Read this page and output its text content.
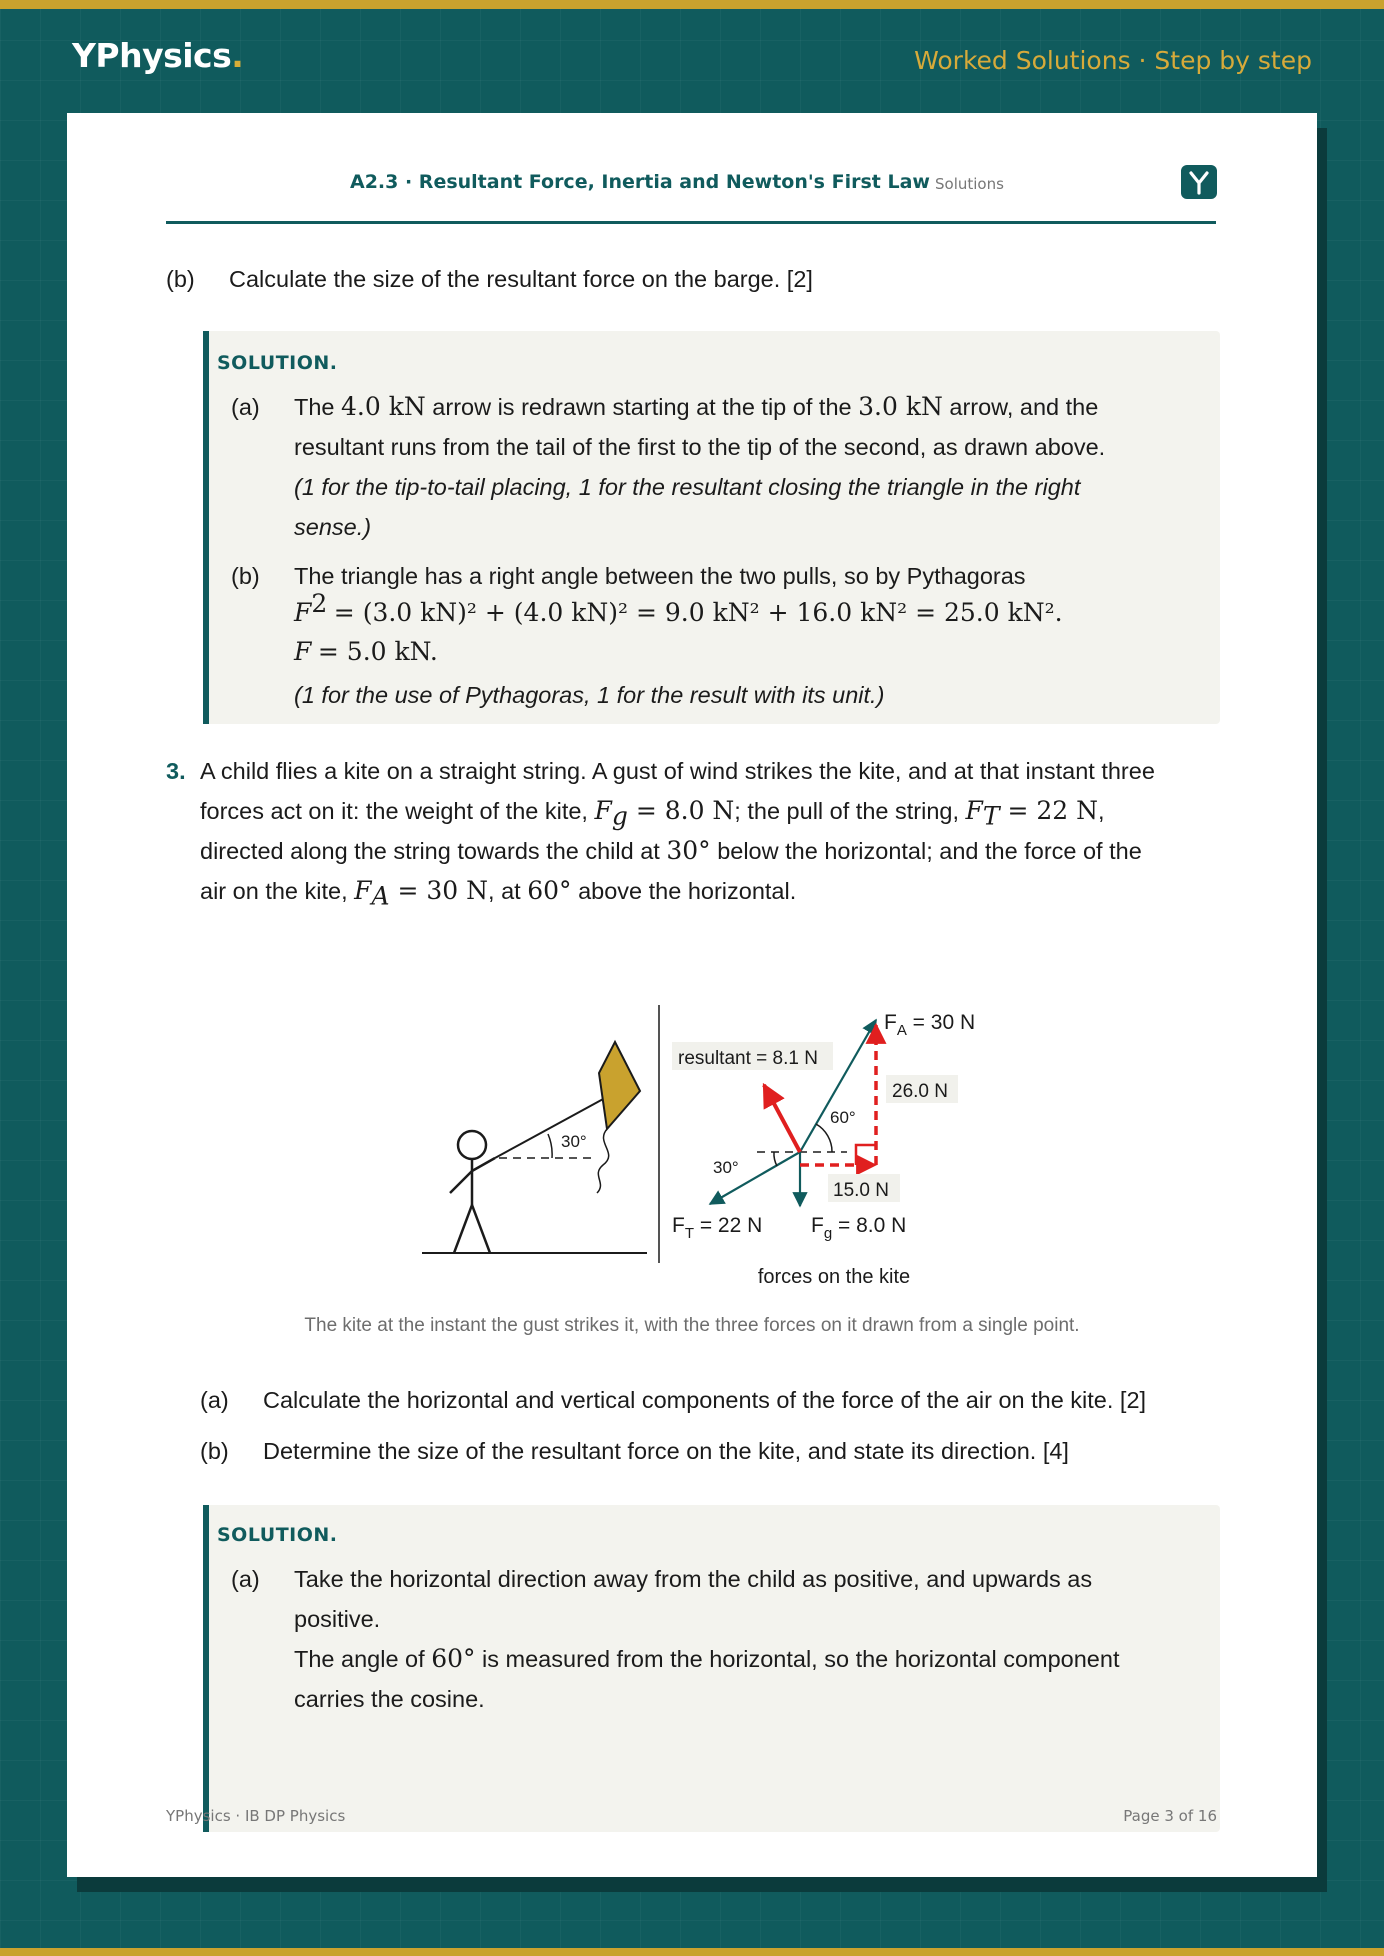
YPhysics.	Worked Solutions · Step by step
A2.3 · Resultant Force, Inertia and Newton's First Law Solutions
(b) Calculate the size of the resultant force on the barge. [2]
SOLUTION.
(a) The 4.0 kN arrow is redrawn starting at the tip of the 3.0 kN arrow, and the
resultant runs from the tail of the first to the tip of the second, as drawn above.
(1 for the tip-to-tail placing, 1 for the resultant closing the triangle in the right
sense.)
(b) The triangle has a right angle between the two pulls, so by Pythagoras
$F^2 = (3.0$ kN)² + (4.0 kN)² = 9.0 kN² + 16.0 kN² = 25.0 kN².
F = 5.0 kN.
(1 for the use of Pythagoras, 1 for the result with its unit.)
3. A child flies a kite on a straight string. A gust of wind strikes the kite, and at that instant three
forces act on it: the weight of the kite, $F_g = 8.0$ N; the pull of the string, $F_T = 22$ N,
directed along the string towards the child at 30° below the horizontal; and the force of the
air on the kite, $F_A = 30$ N, at 60° above the horizontal.
30°
resultant = 8.1 N
26.0 N
15.0 N
60°
30°
$F_A = 30$ N
$F_T = 22$ N $F_g = 8.0$ N
forces on the kite
The kite at the instant the gust strikes it, with the three forces on it drawn from a single point.
(a) Calculate the horizontal and vertical components of the force of the air on the kite. [2]
(b) Determine the size of the resultant force on the kite, and state its direction. [4]
SOLUTION.
(a) Take the horizontal direction away from the child as positive, and upwards as
positive.
The angle of 60° is measured from the horizontal, so the horizontal component
carries the cosine.
YPhysics · IB DP Physics	Page 3 of 16
